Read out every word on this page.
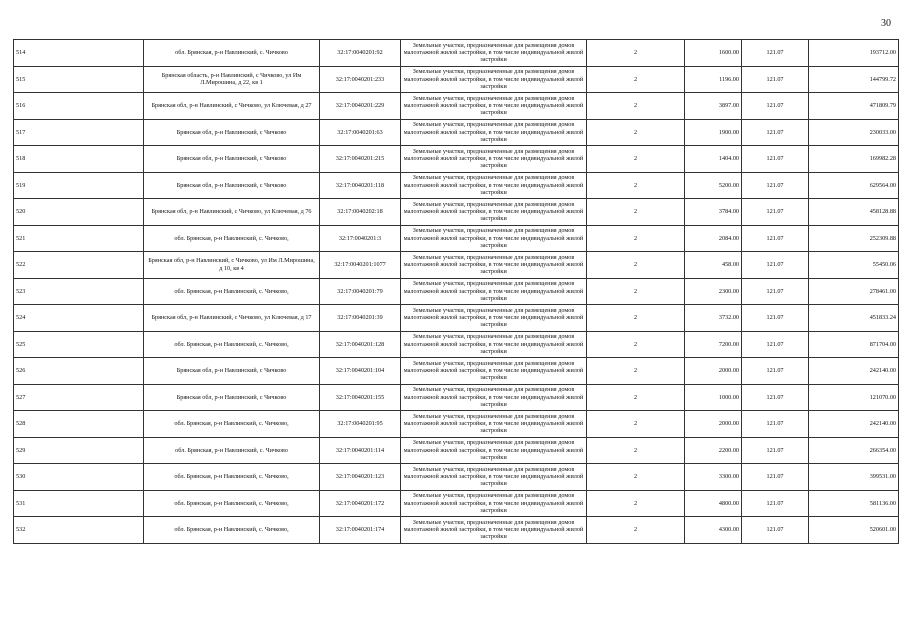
30
514	обл. Брянская, р-н Навлинский, с. Чичково	32:17:0040201:92	Земельные участки, предназначенные для размещения домов малоэтажной жилой застройки, в том числе индивидуальной жилой застройки	2	1600.00	121.07	193712.00
515	Брянская область, р-н Навлинский, с Чичково, ул Им Л.Мирошина, д 22, кв 1	32:17:0040201:233	Земельные участки, предназначенные для размещения домов малоэтажной жилой застройки, в том числе индивидуальной жилой застройки	2	1196.00	121.07	144799.72
516	Брянская обл, р-н Навлинский, с Чичково, ул Ключевая, д 27	32:17:0040201:229	Земельные участки, предназначенные для размещения домов малоэтажной жилой застройки, в том числе индивидуальной жилой застройки	2	3897.00	121.07	471809.79
517	Брянская обл, р-н Навлинский, с Чичково	32:17:0040201:63	Земельные участки, предназначенные для размещения домов малоэтажной жилой застройки, в том числе индивидуальной жилой застройки	2	1900.00	121.07	230033.00
518	Брянская обл, р-н Навлинский, с Чичково	32:17:0040201:215	Земельные участки, предназначенные для размещения домов малоэтажной жилой застройки, в том числе индивидуальной жилой застройки	2	1404.00	121.07	169982.28
519	Брянская обл, р-н Навлинский, с Чичково	32:17:0040201:118	Земельные участки, предназначенные для размещения домов малоэтажной жилой застройки, в том числе индивидуальной жилой застройки	2	5200.00	121.07	629564.00
520	Брянская обл, р-н Навлинский, с Чичково, ул Ключевая, д 76	32:17:0040202:18	Земельные участки, предназначенные для размещения домов малоэтажной жилой застройки, в том числе индивидуальной жилой застройки	2	3784.00	121.07	458128.88
521	обл. Брянская, р-н Навлинский, с. Чичково,	32:17:0040201:3	Земельные участки, предназначенные для размещения домов малоэтажной жилой застройки, в том числе индивидуальной жилой застройки	2	2084.00	121.07	252309.88
522	Брянская обл, р-н Навлинский, с Чичково, ул Им Л.Мирошина, д 10, кв 4	32:17:0040201:1077	Земельные участки, предназначенные для размещения домов малоэтажной жилой застройки, в том числе индивидуальной жилой застройки	2	458.00	121.07	55450.06
523	обл. Брянская, р-н Навлинский, с. Чичково,	32:17:0040201:79	Земельные участки, предназначенные для размещения домов малоэтажной жилой застройки, в том числе индивидуальной жилой застройки	2	2300.00	121.07	278461.00
524	Брянская обл, р-н Навлинский, с Чичково, ул Ключевая, д 17	32:17:0040201:39	Земельные участки, предназначенные для размещения домов малоэтажной жилой застройки, в том числе индивидуальной жилой застройки	2	3732.00	121.07	451833.24
525	обл. Брянская, р-н Навлинский, с. Чичково,	32:17:0040201:128	Земельные участки, предназначенные для размещения домов малоэтажной жилой застройки, в том числе индивидуальной жилой застройки	2	7200.00	121.07	871704.00
526	Брянская обл, р-н Навлинский, с Чичково	32:17:0040201:104	Земельные участки, предназначенные для размещения домов малоэтажной жилой застройки, в том числе индивидуальной жилой застройки	2	2000.00	121.07	242140.00
527	Брянская обл, р-н Навлинский, с Чичково	32:17:0040201:155	Земельные участки, предназначенные для размещения домов малоэтажной жилой застройки, в том числе индивидуальной жилой застройки	2	1000.00	121.07	121070.00
528	обл. Брянская, р-н Навлинский, с. Чичково,	32:17:0040201:95	Земельные участки, предназначенные для размещения домов малоэтажной жилой застройки, в том числе индивидуальной жилой застройки	2	2000.00	121.07	242140.00
529	обл. Брянская, р-н Навлинский, с. Чичково	32:17:0040201:114	Земельные участки, предназначенные для размещения домов малоэтажной жилой застройки, в том числе индивидуальной жилой застройки	2	2200.00	121.07	266354.00
530	обл. Брянская, р-н Навлинский, с. Чичково,	32:17:0040201:123	Земельные участки, предназначенные для размещения домов малоэтажной жилой застройки, в том числе индивидуальной жилой застройки	2	3300.00	121.07	399531.00
531	обл. Брянская, р-н Навлинский, с. Чичково,	32:17:0040201:172	Земельные участки, предназначенные для размещения домов малоэтажной жилой застройки, в том числе индивидуальной жилой застройки	2	4800.00	121.07	581136.00
532	обл. Брянская, р-н Навлинский, с. Чичково,	32:17:0040201:174	Земельные участки, предназначенные для размещения домов малоэтажной жилой застройки, в том числе индивидуальной жилой застройки	2	4300.00	121.07	520601.00
